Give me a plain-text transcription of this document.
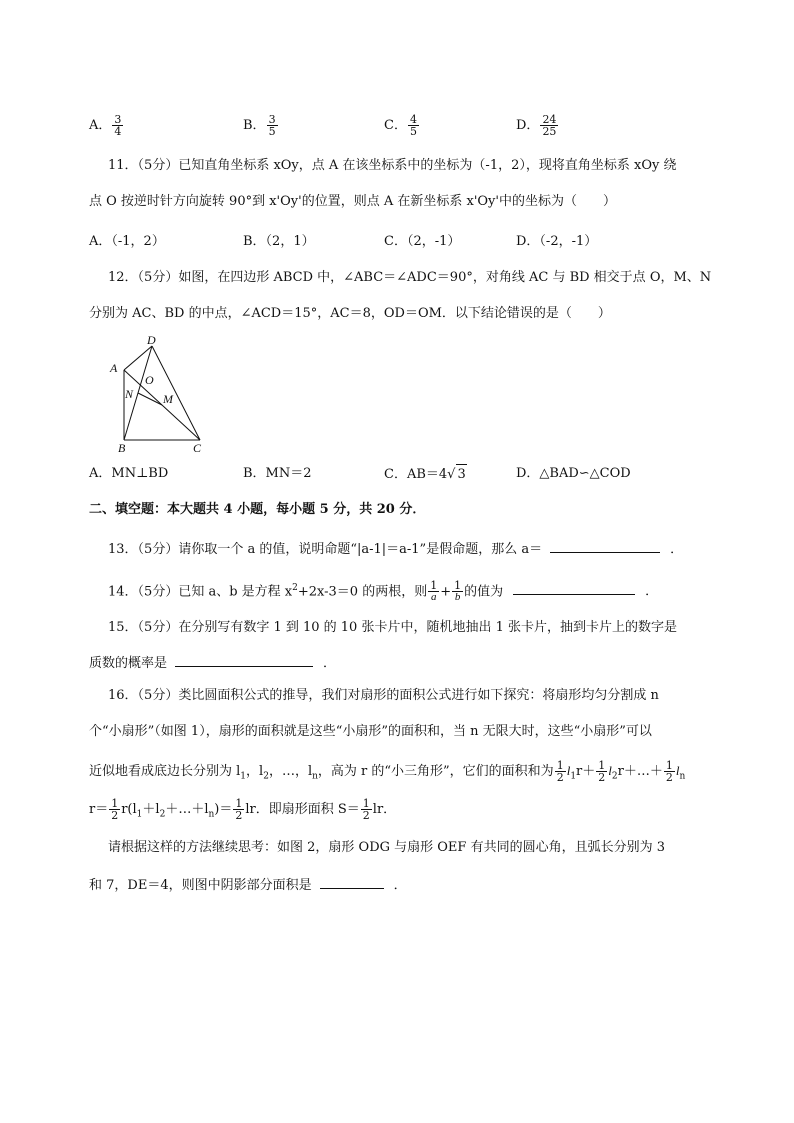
A． $\frac{3}{4}$	B． $\frac{3}{5}$	C． $\frac{4}{5}$	D． $\frac{24}{25}$
11．（5分）已知直角坐标系 xOy，点 A 在该坐标系中的坐标为（-1，2），现将直角坐标系 xOy 绕
点 O 按逆时针方向旋转 90°到 x'Oy'的位置，则点 A 在新坐标系 x'Oy'中的坐标为（　　）
A．（-1，2）	B．（2，1）	C．（2，-1）	D．（-2，-1）
12．（5分）如图，在四边形 ABCD 中，∠ABC＝∠ADC＝90°，对角线 AC 与 BD 相交于点 O，M、N
分别为 AC、BD 的中点，∠ACD＝15°，AC＝8，OD＝OM．以下结论错误的是（　　）
A
D
O
N M
B	C
A．MN⊥BD	B．MN＝2	C．AB＝4√ 3	D．△BAD∽△COD
二、填空题：本大题共 4 小题，每小题 5 分，共 20 分．
13．（5分）请你取一个 a 的值，说明命题“|a-1|＝a-1”是假命题，那么 a＝	．
14．（5分）已知 a、b 是方程 $x^2+2x-3=0$ 的两根，则 $\frac{1}{a} + \frac{1}{b}$ 的值为	．
15．（5分）在分别写有数字 1 到 10 的 10 张卡片中，随机地抽出 1 张卡片，抽到卡片上的数字是
质数的概率是	．
16．（5分）类比圆面积公式的推导，我们对扇形的面积公式进行如下探究：将扇形均匀分割成 n
个“小扇形”（如图 1），扇形的面积就是这些“小扇形”的面积和，当 n 无限大时，这些“小扇形”可以
近似地看成底边长分别为 $l_1$，$l_2$，…，$l_n$，高为 r 的“小三角形”，它们的面积和为 $\frac{1}{2} l_1r+ \frac{1}{2}$ $l_2r+\dots+ \frac{1}{2} l_n$
$r= \frac{1}{2}$ $r(l_1+l_2+\dots+l_n)= \frac{1}{2}$ lr．即扇形面积 $S= \frac{1}{2}$ lr．
请根据这样的方法继续思考：如图 2，扇形 ODG 与扇形 OEF 有共同的圆心角，且弧长分别为 3
和 7，DE＝4，则图中阴影部分面积是	．
